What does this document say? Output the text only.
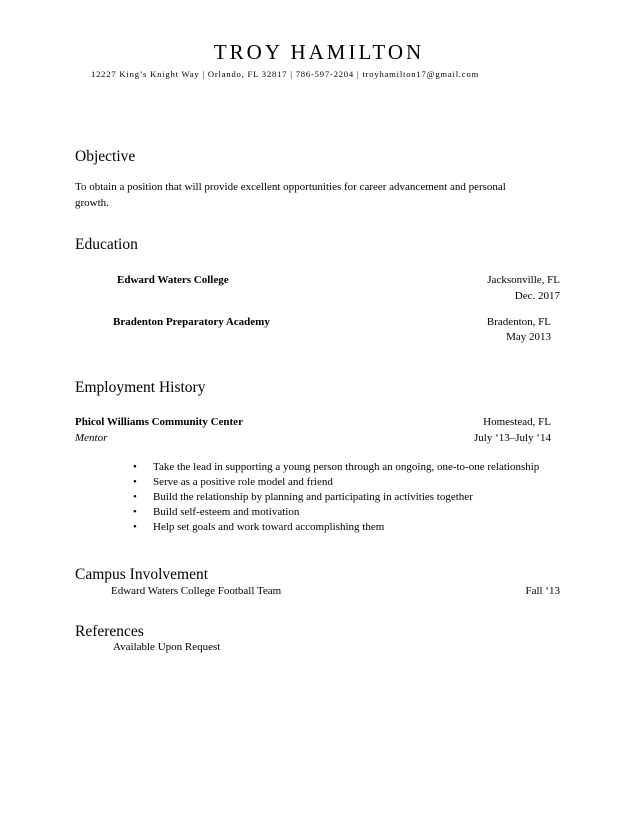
TROY HAMILTON
12227 King’s Knight Way | Orlando, FL 32817 | 786-597-2204 | troyhamilton17@gmail.com
Objective
To obtain a position that will provide excellent opportunities for career advancement and personal
growth.
Education
Edward Waters College	Jacksonville, FL
Dec. 2017
Bradenton Preparatory Academy	Bradenton, FL
May 2013
Employment History
Phicol Williams Community Center	Homestead, FL
Mentor	July ‘13–July ‘14
• Take the lead in supporting a young person through an ongoing, one-to-one relationship
• Serve as a positive role model and friend
• Build the relationship by planning and participating in activities together
• Build self-esteem and motivation
• Help set goals and work toward accomplishing them
Campus Involvement
Edward Waters College Football Team	Fall ‘13
References
Available Upon Request
